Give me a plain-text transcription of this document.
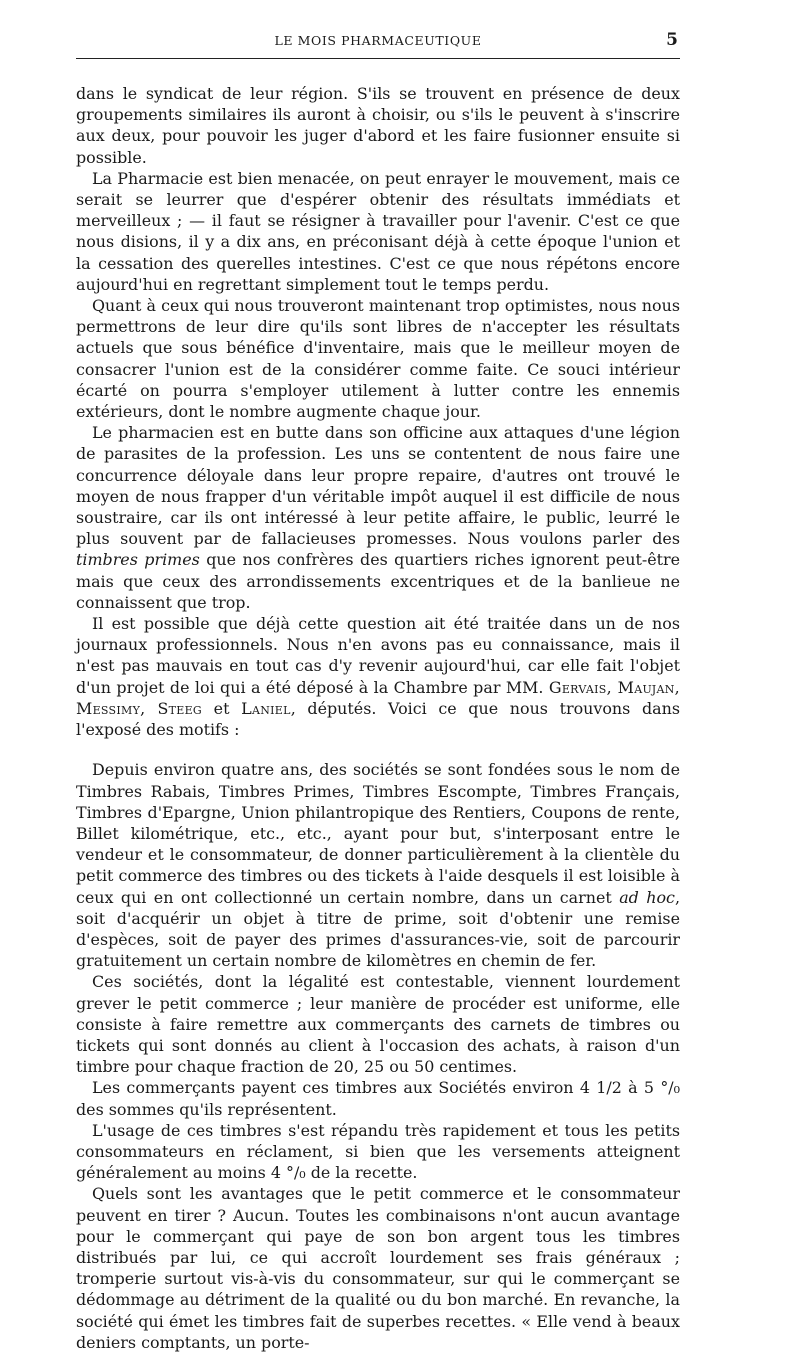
LE MOIS PHARMACEUTIQUE	5

dans le syndicat de leur région. S'ils se trouvent en présence de deux groupements similaires ils auront à choisir, ou s'ils le peuvent à s'inscrire aux deux, pour pouvoir les juger d'abord et les faire fusionner ensuite si possible.

La Pharmacie est bien menacée, on peut enrayer le mouvement, mais ce serait se leurrer que d'espérer obtenir des résultats immédiats et merveilleux ; — il faut se résigner à travailler pour l'avenir. C'est ce que nous disions, il y a dix ans, en préconisant déjà à cette époque l'union et la cessation des querelles intestines. C'est ce que nous répétons encore aujourd'hui en regrettant simplement tout le temps perdu.

Quant à ceux qui nous trouveront maintenant trop optimistes, nous nous permettrons de leur dire qu'ils sont libres de n'accepter les résultats actuels que sous bénéfice d'inventaire, mais que le meilleur moyen de consacrer l'union est de la considérer comme faite. Ce souci intérieur écarté on pourra s'employer utilement à lutter contre les ennemis extérieurs, dont le nombre augmente chaque jour.

Le pharmacien est en butte dans son officine aux attaques d'une légion de parasites de la profession. Les uns se contentent de nous faire une concurrence déloyale dans leur propre repaire, d'autres ont trouvé le moyen de nous frapper d'un véritable impôt auquel il est difficile de nous soustraire, car ils ont intéressé à leur petite affaire, le public, leurré le plus souvent par de fallacieuses promesses. Nous voulons parler des timbres primes que nos confrères des quartiers riches ignorent peut-être mais que ceux des arrondissements excentriques et de la banlieue ne connaissent que trop.

Il est possible que déjà cette question ait été traitée dans un de nos journaux professionnels. Nous n'en avons pas eu connaissance, mais il n'est pas mauvais en tout cas d'y revenir aujourd'hui, car elle fait l'objet d'un projet de loi qui a été déposé à la Chambre par MM. Gervais, Maujan, Messimy, Steeg et Laniel, députés. Voici ce que nous trouvons dans l'exposé des motifs :

Depuis environ quatre ans, des sociétés se sont fondées sous le nom de Timbres Rabais, Timbres Primes, Timbres Escompte, Timbres Français, Timbres d'Epargne, Union philantropique des Rentiers, Coupons de rente, Billet kilométrique, etc., etc., ayant pour but, s'interposant entre le vendeur et le consommateur, de donner particulièrement à la clientèle du petit commerce des timbres ou des tickets à l'aide desquels il est loisible à ceux qui en ont collectionné un certain nombre, dans un carnet ad hoc, soit d'acquérir un objet à titre de prime, soit d'obtenir une remise d'espèces, soit de payer des primes d'assurances-vie, soit de parcourir gratuitement un certain nombre de kilomètres en chemin de fer.

Ces sociétés, dont la légalité est contestable, viennent lourdement grever le petit commerce ; leur manière de procéder est uniforme, elle consiste à faire remettre aux commerçants des carnets de timbres ou tickets qui sont donnés au client à l'occasion des achats, à raison d'un timbre pour chaque fraction de 20, 25 ou 50 centimes.

Les commerçants payent ces timbres aux Sociétés environ 4 1/2 à 5 °/₀ des sommes qu'ils représentent.

L'usage de ces timbres s'est répandu très rapidement et tous les petits consommateurs en réclament, si bien que les versements atteignent généralement au moins 4 °/₀ de la recette.

Quels sont les avantages que le petit commerce et le consommateur peuvent en tirer ? Aucun. Toutes les combinaisons n'ont aucun avantage pour le commerçant qui paye de son bon argent tous les timbres distribués par lui, ce qui accroît lourdement ses frais généraux ; tromperie surtout vis-à-vis du consommateur, sur qui le commerçant se dédommage au détriment de la qualité ou du bon marché. En revanche, la société qui émet les timbres fait de superbes recettes. « Elle vend à beaux deniers comptants, un porte-
